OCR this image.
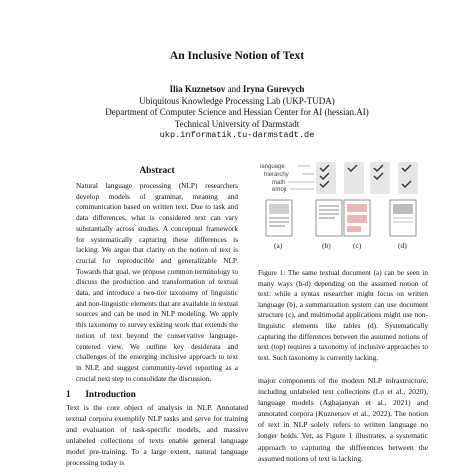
An Inclusive Notion of Text
Ilia Kuznetsov and Iryna Gurevych
Ubiquitous Knowledge Processing Lab (UKP-TUDA)
Department of Computer Science and Hessian Center for AI (hessian.AI)
Technical University of Darmstadt
ukp.informatik.tu-darmstadt.de
Abstract
Natural language processing (NLP) researchers develop models of grammar, meaning and communication based on written text. Due to task and data differences, what is considered text can vary substantially across studies. A conceptual framework for systematically capturing these differences is lacking. We argue that clarity on the notion of text is crucial for reproducible and generalizable NLP. Towards that goal, we propose common terminology to discuss the production and transformation of textual data, and introduce a two-tier taxonomy of linguistic and non-linguistic elements that are available in textual sources and can be used in NLP modeling. We apply this taxonomy to survey existing work that extends the notion of text beyond the conservative language-centered view. We outline key desiderata and challenges of the emerging inclusive approach to text in NLP, and suggest community-level reporting as a crucial next step to consolidate the discussion.
1 Introduction
Text is the core object of analysis in NLP. Annotated textual corpora exemplify NLP tasks and serve for training and evaluation of task-specific models, and massive unlabeled collections of texts enable general language model pre-training. To a large extent, natural language processing today is
language
hierarchy
math
emoji
(a)	(b)	(c)	(d)
Figure 1: The same textual document (a) can be seen in many ways (b-d) depending on the assumed notion of text: while a syntax researcher might focus on written language (b), a summarization system can use document structure (c), and multimodal applications might use non-linguistic elements like tables (d). Systematically capturing the differences between the assumed notions of text (top) requires a taxonomy of inclusive approaches to text. Such taxonomy is currently lacking.
major components of the modern NLP infrastructure, including unlabeled text collections (Lo et al., 2020), language models (Aghajanyan et al., 2021) and annotated corpora (Kuznetsov et al., 2022). The notion of text in NLP solely refers to written language no longer holds. Yet, as Figure 1 illustrates, a systematic approach to capturing the differences between the assumed notions of text is lacking.
